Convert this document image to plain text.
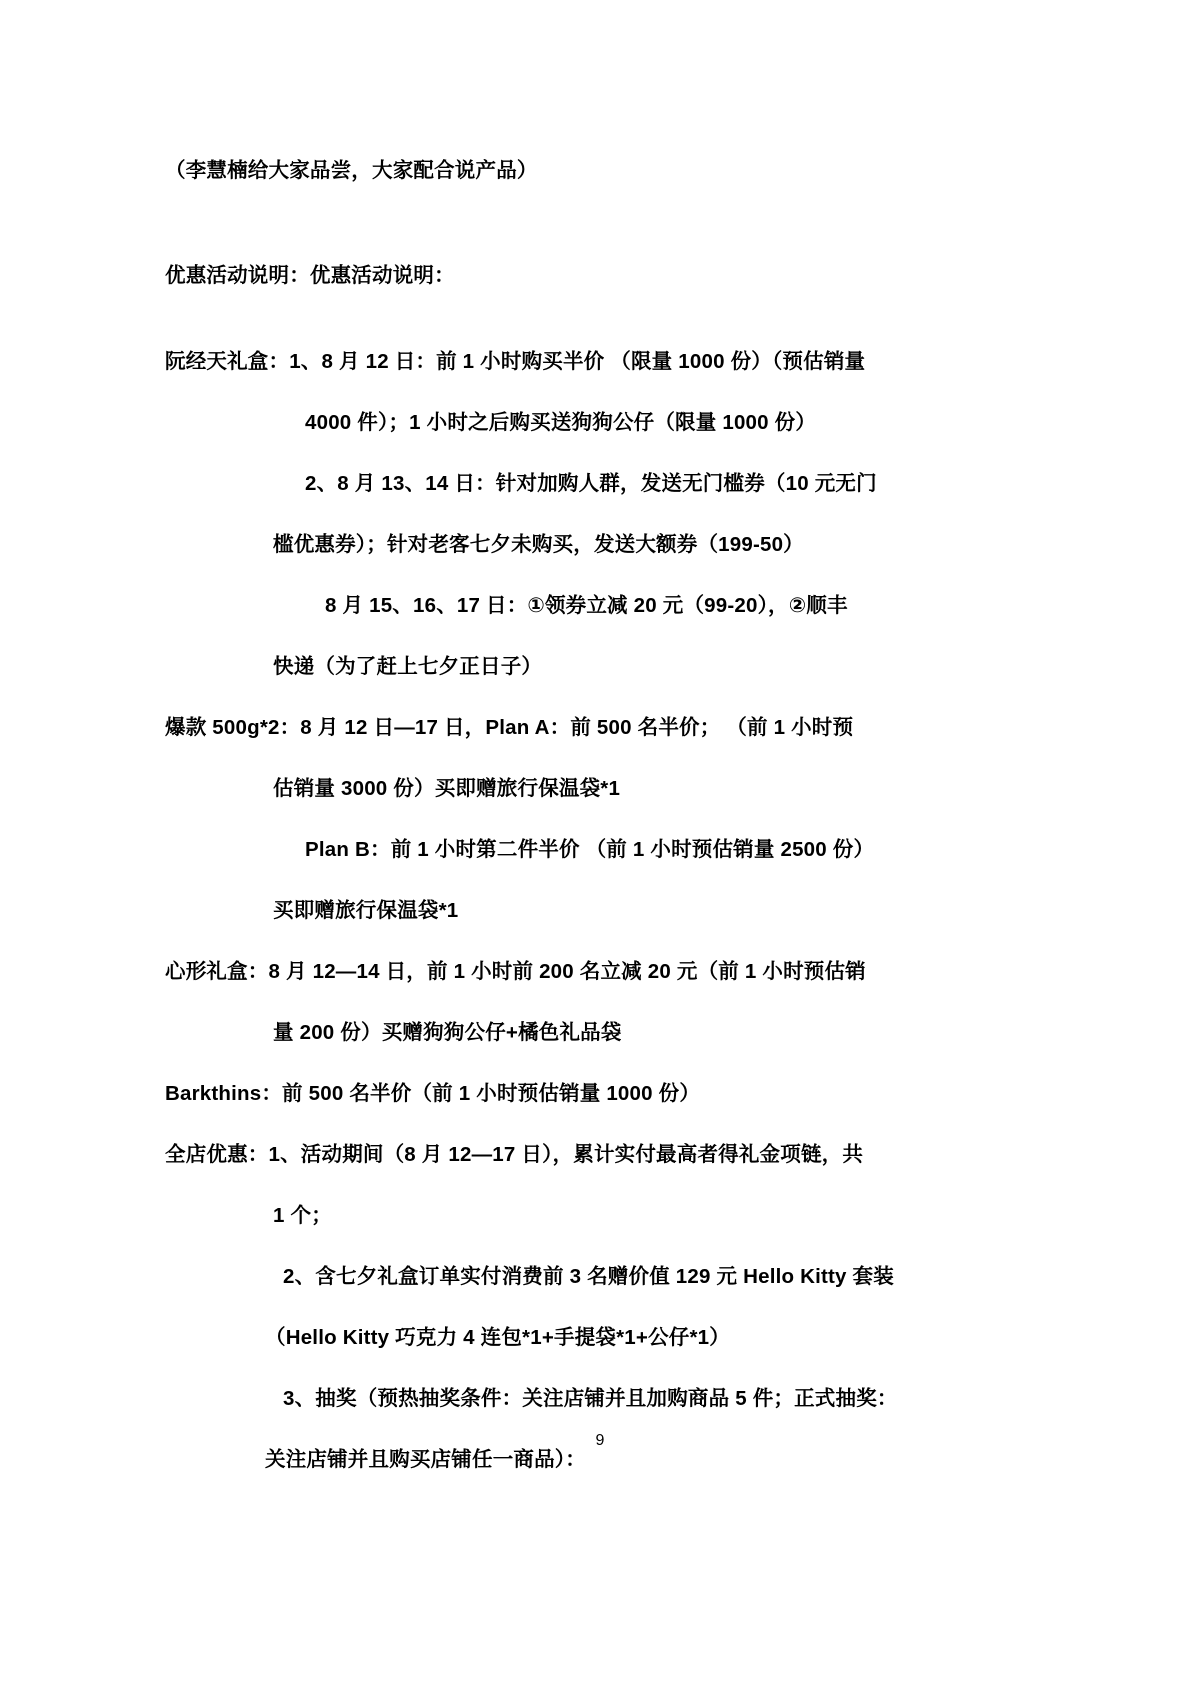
（李慧楠给大家品尝，大家配合说产品）
优惠活动说明：优惠活动说明：
阮经天礼盒：1、8 月 12 日：前 1 小时购买半价 （限量 1000 份）（预估销量
4000 件）；1 小时之后购买送狗狗公仔（限量 1000 份）
2、8 月 13、14 日：针对加购人群，发送无门槛券（10 元无门
槛优惠券）；针对老客七夕未购买，发送大额券（199-50）
8 月 15、16、17 日：①领券立减 20 元（99-20），②顺丰
快递（为了赶上七夕正日子）
爆款 500g*2：8 月 12 日—17 日，Plan A：前 500 名半价； （前 1 小时预
估销量 3000 份）买即赠旅行保温袋*1
Plan B：前 1 小时第二件半价 （前 1 小时预估销量 2500 份）
买即赠旅行保温袋*1
心形礼盒：8 月 12—14 日，前 1 小时前 200 名立减 20 元（前 1 小时预估销
量 200 份）买赠狗狗公仔+橘色礼品袋
Barkthins：前 500 名半价（前 1 小时预估销量 1000 份）
全店优惠：1、活动期间（8 月 12—17 日），累计实付最高者得礼金项链，共
1 个；
2、含七夕礼盒订单实付消费前 3 名赠价值 129 元 Hello Kitty 套装
（Hello Kitty 巧克力 4 连包*1+手提袋*1+公仔*1）
3、抽奖（预热抽奖条件：关注店铺并且加购商品 5 件；正式抽奖：
关注店铺并且购买店铺任一商品）：
9
